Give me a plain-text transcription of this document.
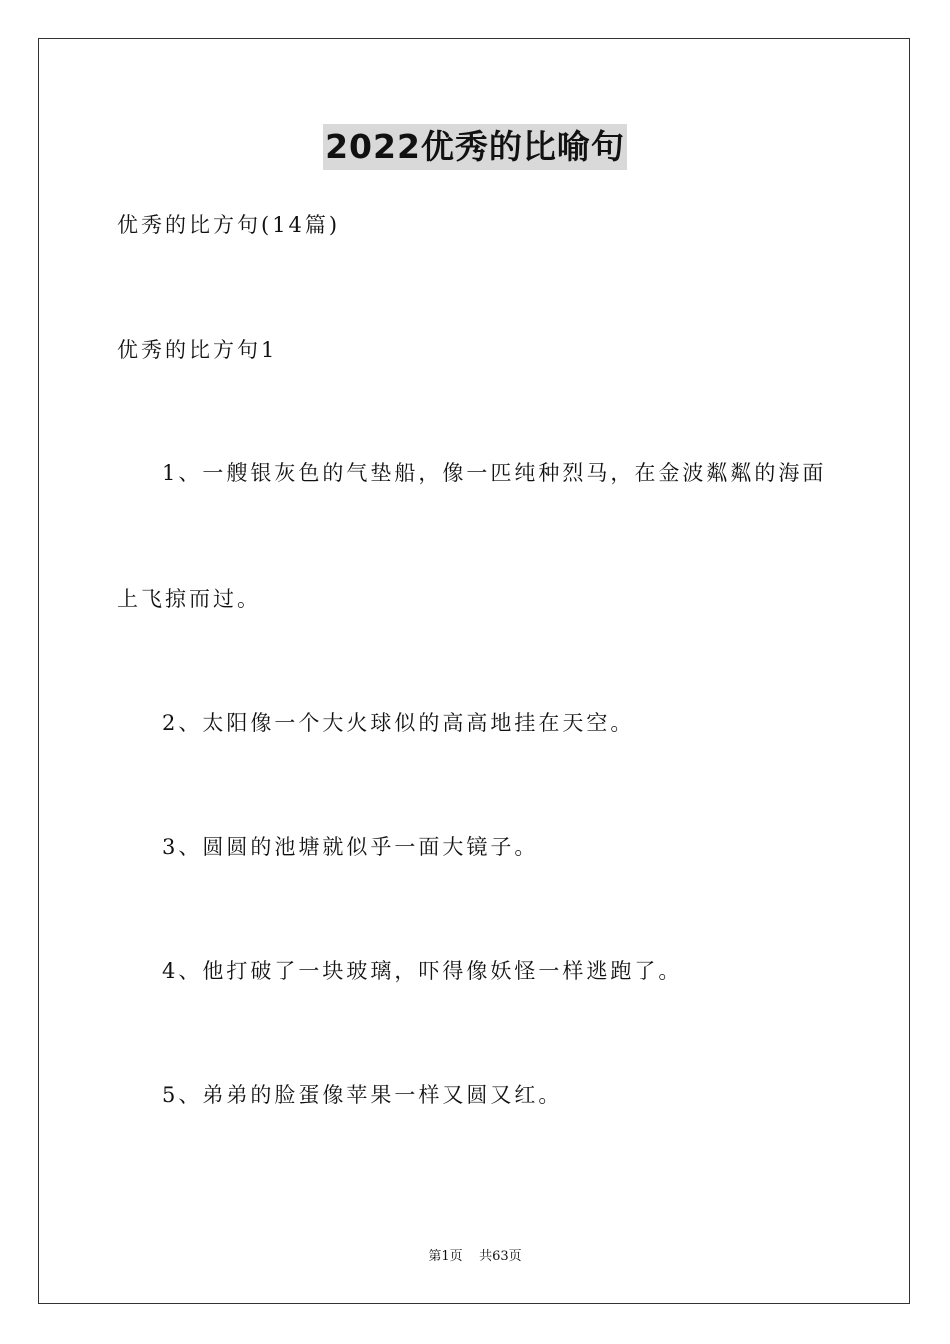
2022优秀的比喻句

优秀的比方句(14篇)

优秀的比方句1

1、一艘银灰色的气垫船，像一匹纯种烈马，在金波粼粼的海面

上飞掠而过。

2、太阳像一个大火球似的高高地挂在天空。

3、圆圆的池塘就似乎一面大镜子。

4、他打破了一块玻璃，吓得像妖怪一样逃跑了。

5、弟弟的脸蛋像苹果一样又圆又红。

第1页 共63页
